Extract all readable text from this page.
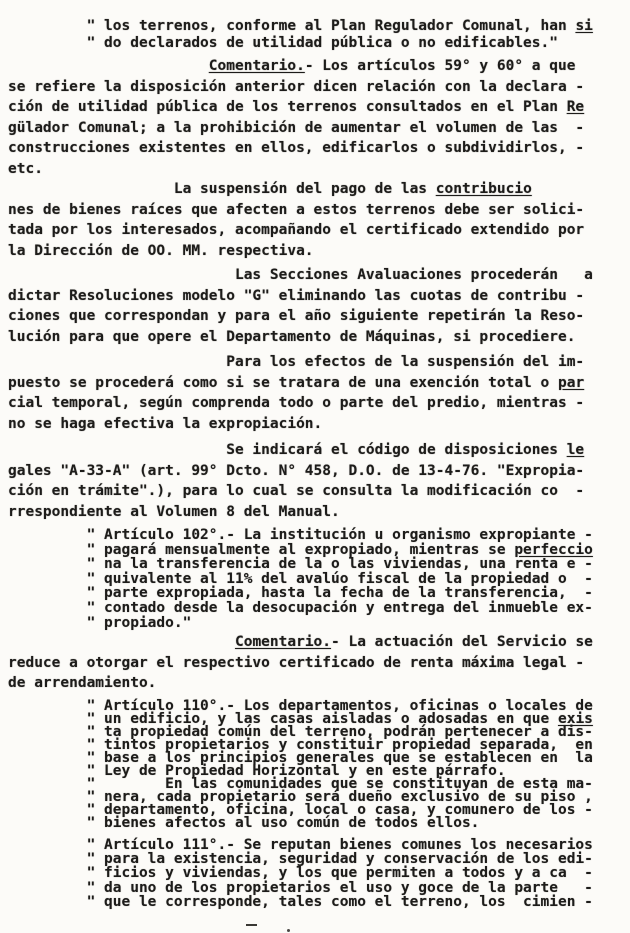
" los terrenos, conforme al Plan Regulador Comunal, han si
" do declarados de utilidad pública o no edificables."
Comentario.- Los artículos 59° y 60° a que
se refiere la disposición anterior dicen relación con la declara -
ción de utilidad pública de los terrenos consultados en el Plan Re
gülador Comunal; a la prohibición de aumentar el volumen de las  -
construcciones existentes en ellos, edificarlos o subdividirlos, -
etc.
La suspensión del pago de las contribucio
nes de bienes raíces que afecten a estos terrenos debe ser solici-
tada por los interesados, acompañando el certificado extendido por
la Dirección de OO. MM. respectiva.
Las Secciones Avaluaciones procederán   a
dictar Resoluciones modelo "G" eliminando las cuotas de contribu -
ciones que correspondan y para el año siguiente repetirán la Reso-
lución para que opere el Departamento de Máquinas, si procediere.
Para los efectos de la suspensión del im-
puesto se procederá como si se tratara de una exención total o par
cial temporal, según comprenda todo o parte del predio, mientras -
no se haga efectiva la expropiación.
Se indicará el código de disposiciones le
gales "A-33-A" (art. 99° Dcto. N° 458, D.O. de 13-4-76. "Expropia-
ción en trámite".), para lo cual se consulta la modificación co  -
rrespondiente al Volumen 8 del Manual.
" Artículo 102°.- La institución u organismo expropiante -
" pagará mensualmente al expropiado, mientras se perfeccio
" na la transferencia de la o las viviendas, una renta e -
" quivalente al 11% del avalúo fiscal de la propiedad o  -
" parte expropiada, hasta la fecha de la transferencia,  -
" contado desde la desocupación y entrega del inmueble ex-
" propiado."
Comentario.- La actuación del Servicio se
reduce a otorgar el respectivo certificado de renta máxima legal -
de arrendamiento.
" Artículo 110°.- Los departamentos, oficinas o locales de
" un edificio, y las casas aisladas o adosadas en que exis
" ta propiedad común del terreno, podrán pertenecer a dis-
" tintos propietarios y constituir propiedad separada,  en
" base a los principios generales que se establecen en  la
" Ley de Propiedad Horizontal y en este párrafo.
"        En las comunidades que se constituyan de esta ma-
" nera, cada propietario será dueño exclusivo de su piso ,
" departamento, oficina, local o casa, y comunero de los -
" bienes afectos al uso común de todos ellos.
" Artículo 111°.- Se reputan bienes comunes los necesarios
" para la existencia, seguridad y conservación de los edi-
" ficios y viviendas, y los que permiten a todos y a ca  -
" da uno de los propietarios el uso y goce de la parte   -
" que le corresponde, tales como el terreno, los  cimien -
